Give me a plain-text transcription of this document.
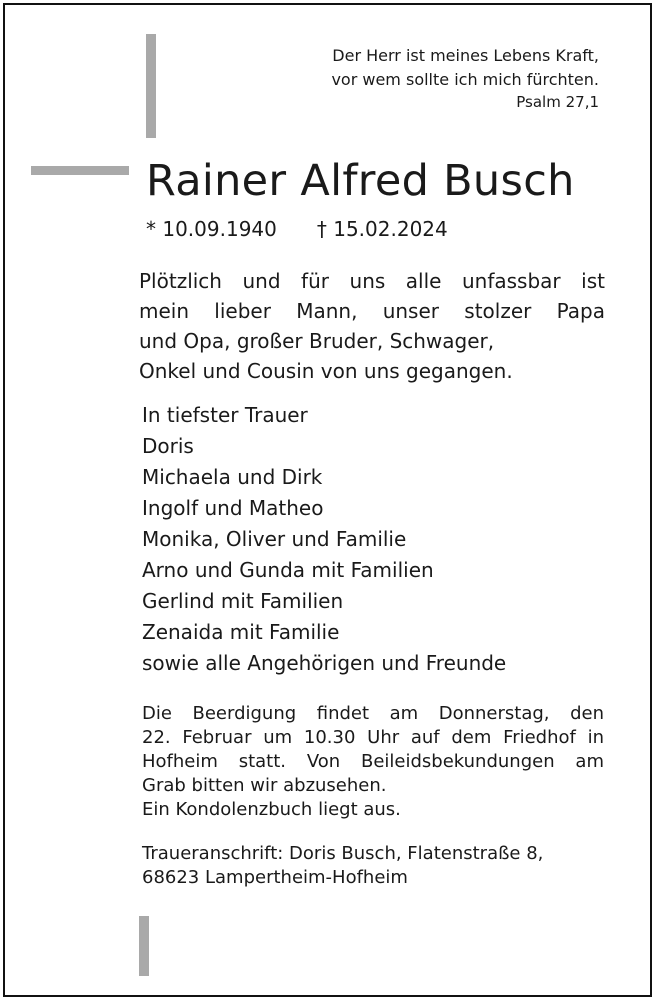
Der Herr ist meines Lebens Kraft,
vor wem sollte ich mich fürchten.
Psalm 27,1
Rainer Alfred Busch
* 10.09.1940 † 15.02.2024
Plötzlich und für uns alle unfassbar ist
mein lieber Mann, unser stolzer Papa
und Opa, großer Bruder, Schwager,
Onkel und Cousin von uns gegangen.
In tiefster Trauer
Doris
Michaela und Dirk
Ingolf und Matheo
Monika, Oliver und Familie
Arno und Gunda mit Familien
Gerlind mit Familien
Zenaida mit Familie
sowie alle Angehörigen und Freunde
Die Beerdigung findet am Donnerstag, den
22. Februar um 10.30 Uhr auf dem Friedhof in
Hofheim statt. Von Beileidsbekundungen am
Grab bitten wir abzusehen.
Ein Kondolenzbuch liegt aus.
Traueranschrift: Doris Busch, Flatenstraße 8,
68623 Lampertheim-Hofheim
